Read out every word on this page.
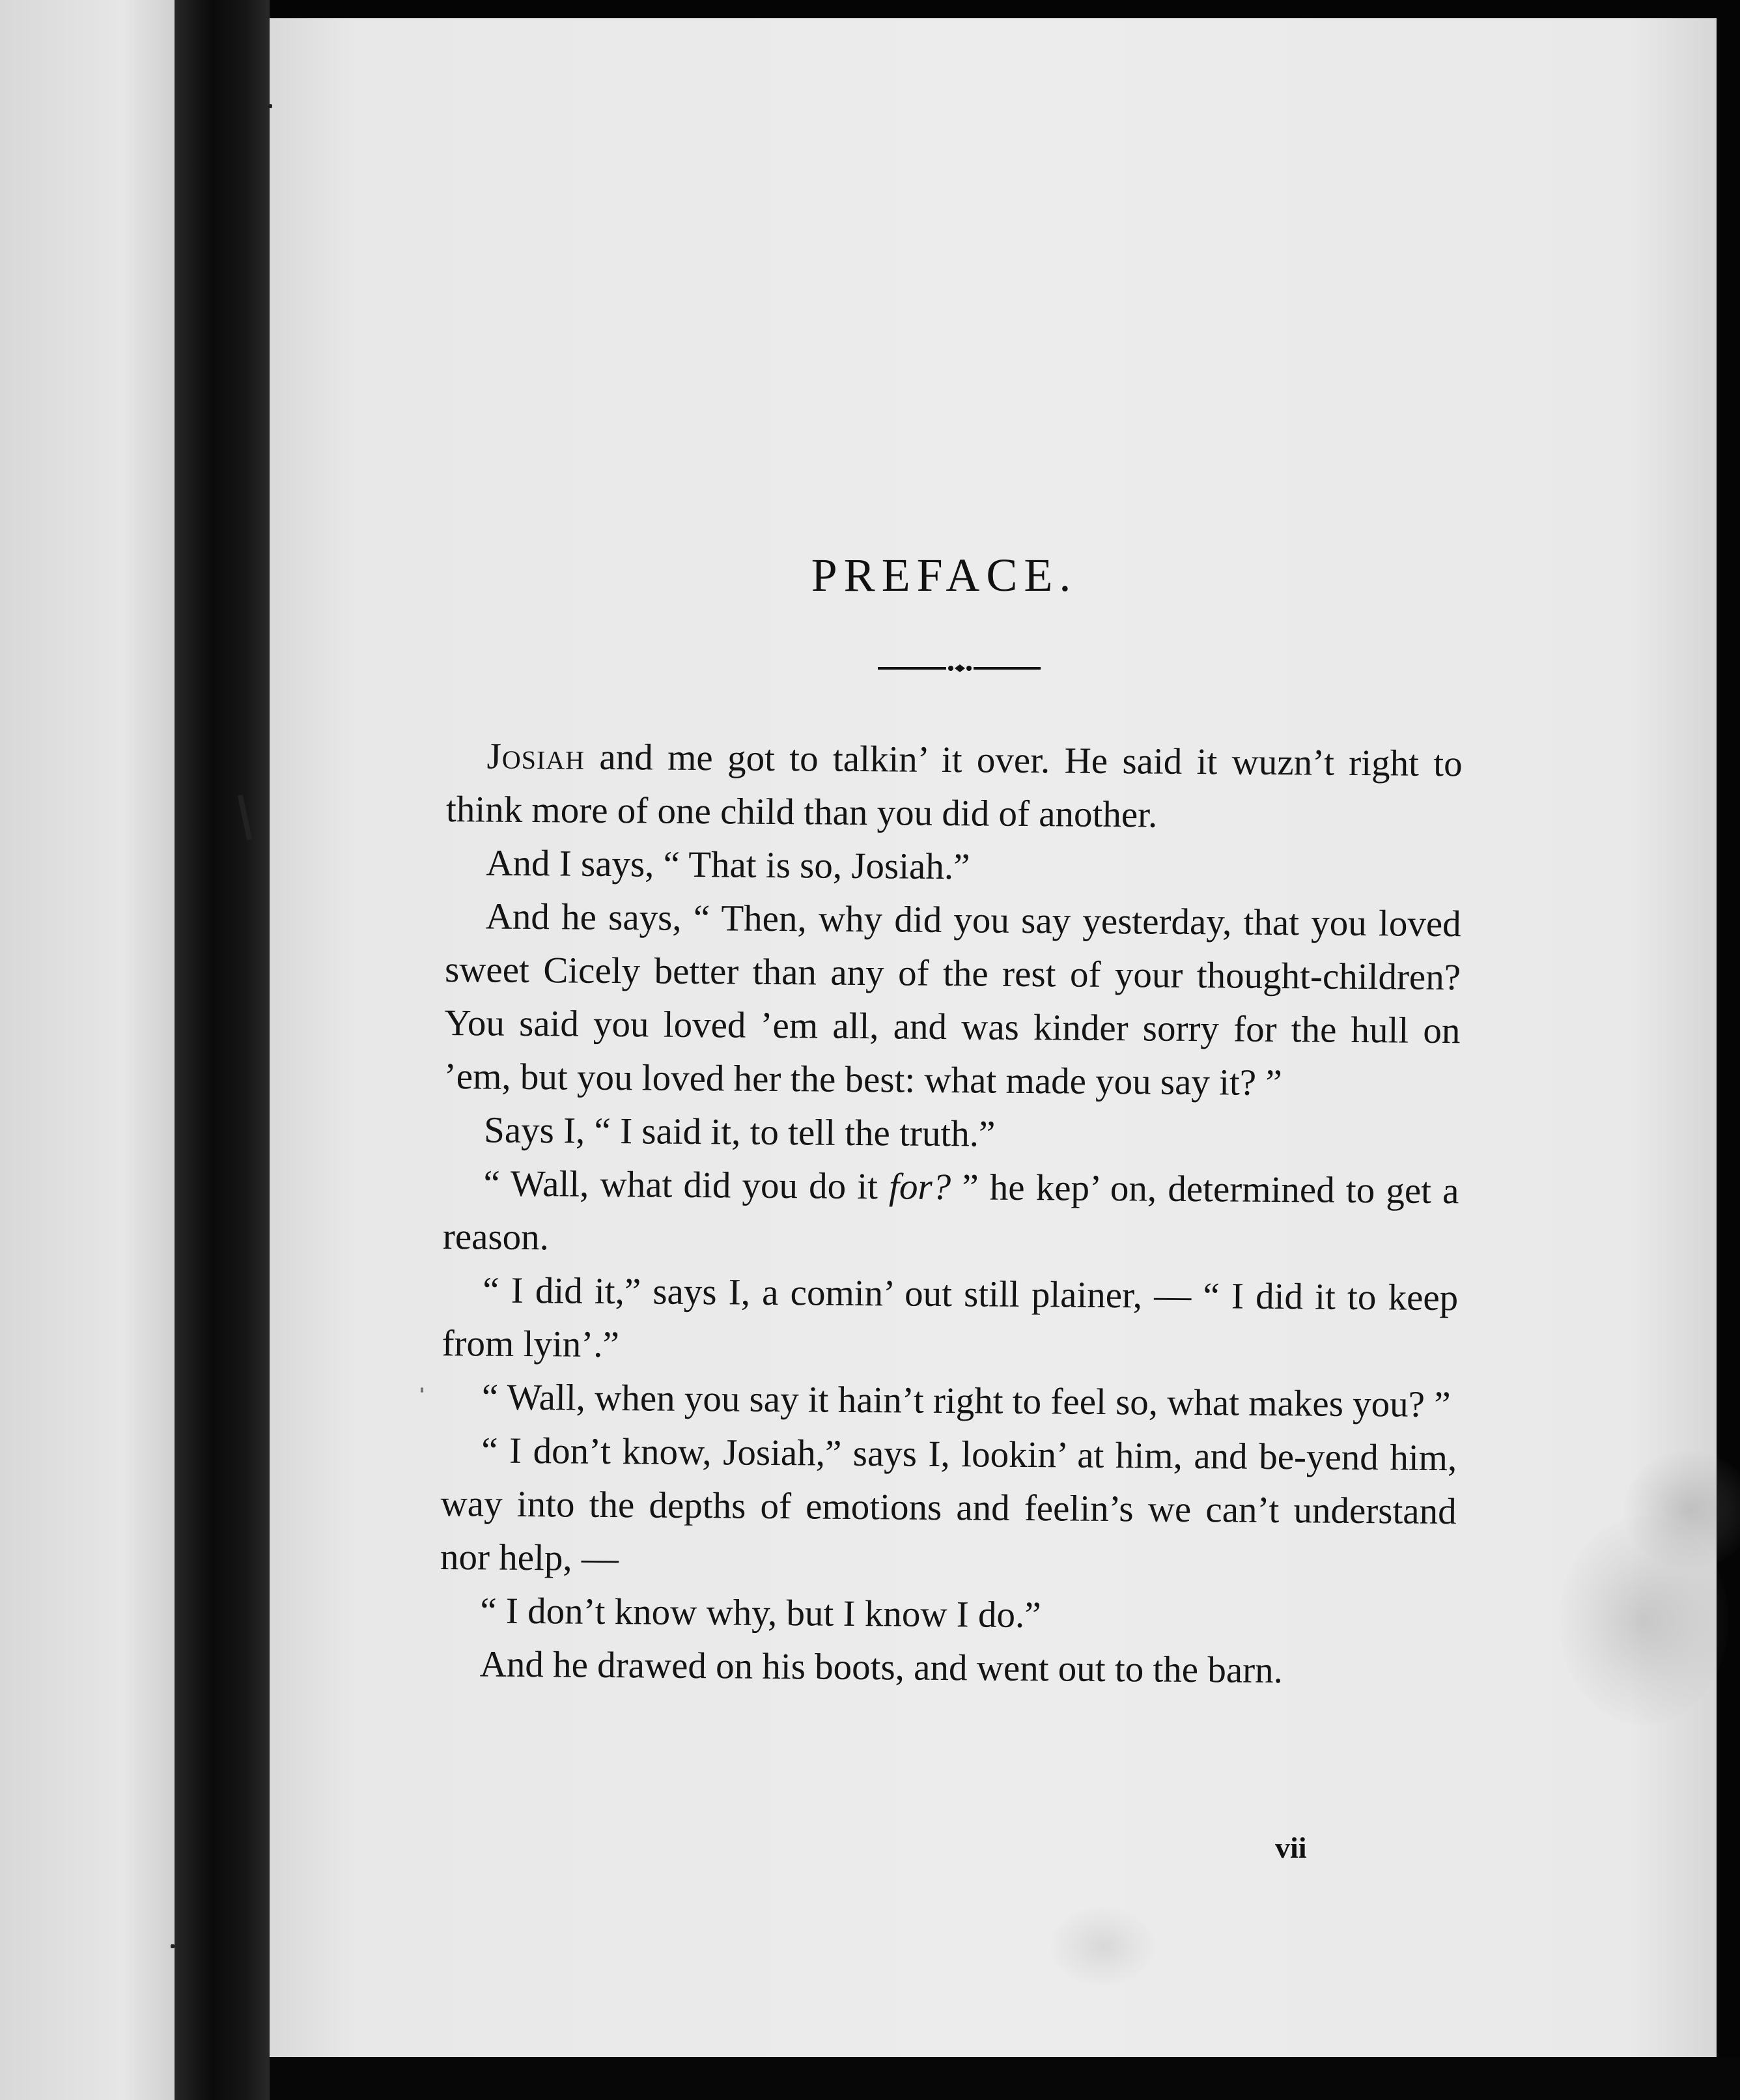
PREFACE.

Josiah and me got to talkin’ it over. He said it wuzn’t right to think more of one child than you did of another.

And I says, “ That is so, Josiah.”

And he says, “ Then, why did you say yesterday, that you loved sweet Cicely better than any of the rest of your thought-children? You said you loved ’em all, and was kinder sorry for the hull on ’em, but you loved her the best: what made you say it? ”

Says I, “ I said it, to tell the truth.”

“ Wall, what did you do it for? ” he kep’ on, determined to get a reason.

“ I did it,” says I, a comin’ out still plainer, — “ I did it to keep from lyin’.”

“ Wall, when you say it hain’t right to feel so, what makes you? ”

“ I don’t know, Josiah,” says I, lookin’ at him, and be-yend him, way into the depths of emotions and feelin’s we can’t understand nor help, —

“ I don’t know why, but I know I do.”

And he drawed on his boots, and went out to the barn.

vii
